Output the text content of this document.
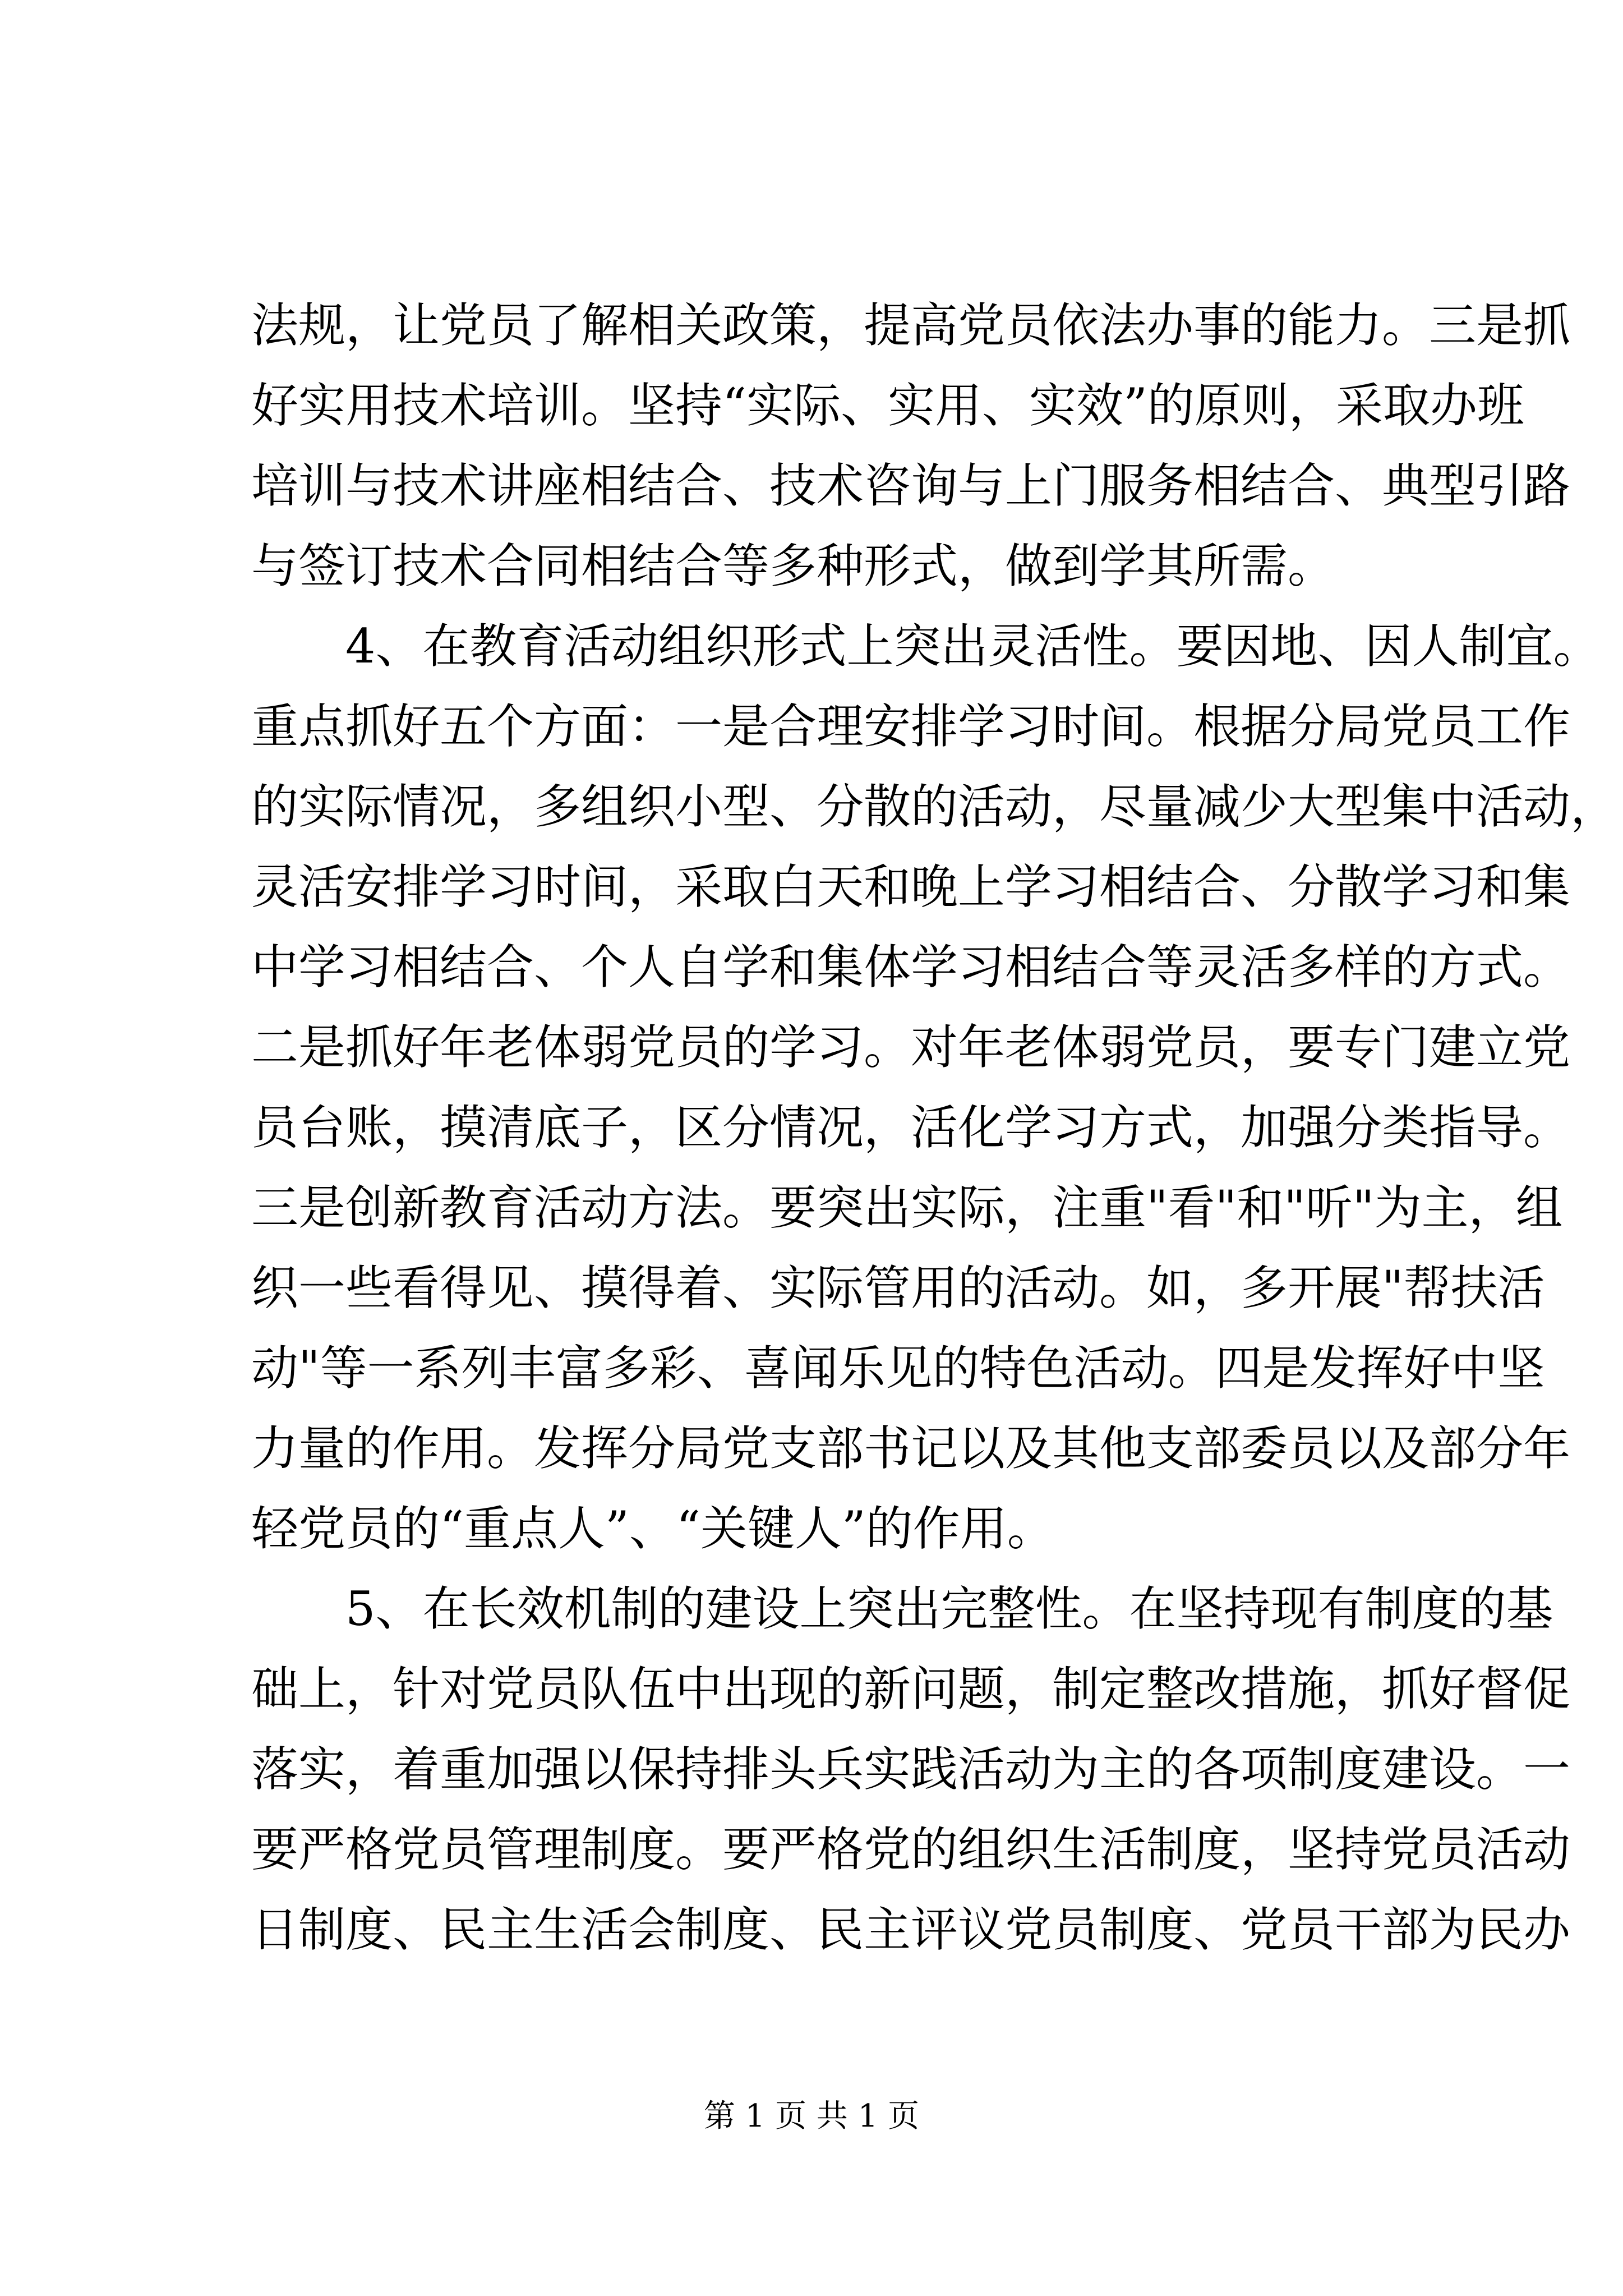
法规，让党员了解相关政策，提高党员依法办事的能力。三是抓
好实用技术培训。坚持“实际、实用、实效”的原则，采取办班
培训与技术讲座相结合、技术咨询与上门服务相结合、典型引路
与签订技术合同相结合等多种形式，做到学其所需。
　　4、在教育活动组织形式上突出灵活性。要因地、因人制宜。
重点抓好五个方面：一是合理安排学习时间。根据分局党员工作
的实际情况，多组织小型、分散的活动，尽量减少大型集中活动，
灵活安排学习时间，采取白天和晚上学习相结合、分散学习和集
中学习相结合、个人自学和集体学习相结合等灵活多样的方式。
二是抓好年老体弱党员的学习。对年老体弱党员，要专门建立党
员台账，摸清底子，区分情况，活化学习方式，加强分类指导。
三是创新教育活动方法。要突出实际，注重"看"和"听"为主，组
织一些看得见、摸得着、实际管用的活动。如，多开展"帮扶活
动"等一系列丰富多彩、喜闻乐见的特色活动。四是发挥好中坚
力量的作用。发挥分局党支部书记以及其他支部委员以及部分年
轻党员的“重点人”、“关键人”的作用。
　　5、在长效机制的建设上突出完整性。在坚持现有制度的基
础上，针对党员队伍中出现的新问题，制定整改措施，抓好督促
落实，着重加强以保持排头兵实践活动为主的各项制度建设。一
要严格党员管理制度。要严格党的组织生活制度，坚持党员活动
日制度、民主生活会制度、民主评议党员制度、党员干部为民办
第 1 页 共 1 页
